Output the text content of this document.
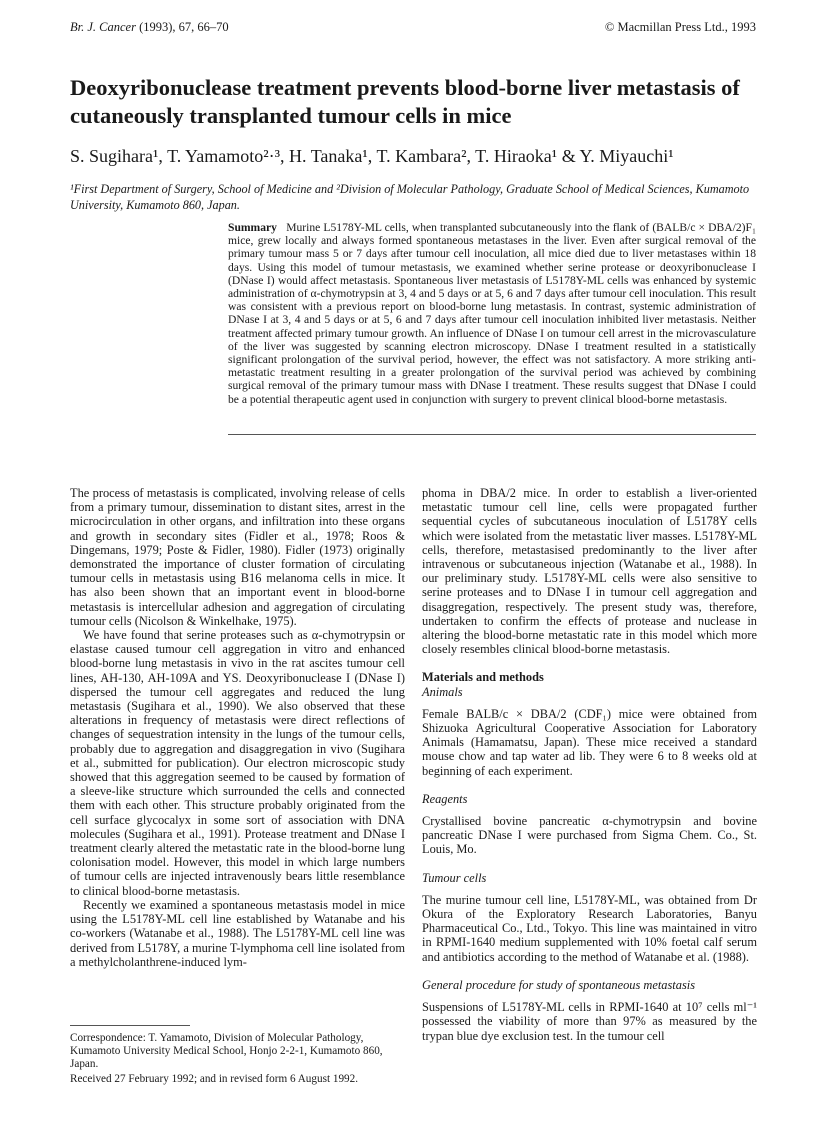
Br. J. Cancer (1993), 67, 66–70	© Macmillan Press Ltd., 1993
Deoxyribonuclease treatment prevents blood-borne liver metastasis of cutaneously transplanted tumour cells in mice
S. Sugihara¹, T. Yamamoto²·³, H. Tanaka¹, T. Kambara², T. Hiraoka¹ & Y. Miyauchi¹
¹First Department of Surgery, School of Medicine and ²Division of Molecular Pathology, Graduate School of Medical Sciences, Kumamoto University, Kumamoto 860, Japan.
Summary Murine L5178Y-ML cells, when transplanted subcutaneously into the flank of (BALB/c × DBA/2)F₁ mice, grew locally and always formed spontaneous metastases in the liver. Even after surgical removal of the primary tumour mass 5 or 7 days after tumour cell inoculation, all mice died due to liver metastases within 18 days. Using this model of tumour metastasis, we examined whether serine protease or deoxyribonuclease I (DNase I) would affect metastasis. Spontaneous liver metastasis of L5178Y-ML cells was enhanced by systemic administration of α-chymotrypsin at 3, 4 and 5 days or at 5, 6 and 7 days after tumour cell inoculation. This result was consistent with a previous report on blood-borne lung metastasis. In contrast, systemic administration of DNase I at 3, 4 and 5 days or at 5, 6 and 7 days after tumour cell inoculation inhibited liver metastasis. Neither treatment affected primary tumour growth. An influence of DNase I on tumour cell arrest in the microvasculature of the liver was suggested by scanning electron microscopy. DNase I treatment resulted in a statistically significant prolongation of the survival period, however, the effect was not satisfactory. A more striking anti-metastatic treatment resulting in a greater prolongation of the survival period was achieved by combining surgical removal of the primary tumour mass with DNase I treatment. These results suggest that DNase I could be a potential therapeutic agent used in conjunction with surgery to prevent clinical blood-borne metastasis.

The process of metastasis is complicated, involving release of cells from a primary tumour, dissemination to distant sites, arrest in the microcirculation in other organs, and infiltration into these organs and growth in secondary sites (Fidler et al., 1978; Roos & Dingemans, 1979; Poste & Fidler, 1980). Fidler (1973) originally demonstrated the importance of cluster formation of circulating tumour cells in metastasis using B16 melanoma cells in mice. It has also been shown that an important event in blood-borne metastasis is intercellular adhesion and aggregation of circulating tumour cells (Nicolson & Winkelhake, 1975).

We have found that serine proteases such as α-chymotrypsin or elastase caused tumour cell aggregation in vitro and enhanced blood-borne lung metastasis in vivo in the rat ascites tumour cell lines, AH-130, AH-109A and YS. Deoxyribonuclease I (DNase I) dispersed the tumour cell aggregates and reduced the lung metastasis (Sugihara et al., 1990). We also observed that these alterations in frequency of metastasis were direct reflections of changes of sequestration intensity in the lungs of the tumour cells, probably due to aggregation and disaggregation in vivo (Sugihara et al., submitted for publication). Our electron microscopic study showed that this aggregation seemed to be caused by formation of a sleeve-like structure which surrounded the cells and connected them with each other. This structure probably originated from the cell surface glycocalyx in some sort of association with DNA molecules (Sugihara et al., 1991). Protease treatment and DNase I treatment clearly altered the metastatic rate in the blood-borne lung colonisation model. However, this model in which large numbers of tumour cells are injected intravenously bears little resemblance to clinical blood-borne metastasis.

Recently we examined a spontaneous metastasis model in mice using the L5178Y-ML cell line established by Watanabe and his co-workers (Watanabe et al., 1988). The L5178Y-ML cell line was derived from L5178Y, a murine T-lymphoma cell line isolated from a methylcholanthrene-induced lym-

phoma in DBA/2 mice. In order to establish a liver-oriented metastatic tumour cell line, cells were propagated further sequential cycles of subcutaneous inoculation of L5178Y cells which were isolated from the metastatic liver masses. L5178Y-ML cells, therefore, metastasised predominantly to the liver after intravenous or subcutaneous injection (Watanabe et al., 1988). In our preliminary study. L5178Y-ML cells were also sensitive to serine proteases and to DNase I in tumour cell aggregation and disaggregation, respectively. The present study was, therefore, undertaken to confirm the effects of protease and nuclease in altering the blood-borne metastatic rate in this model which more closely resembles clinical blood-borne metastasis.

Materials and methods

Animals

Female BALB/c × DBA/2 (CDF₁) mice were obtained from Shizuoka Agricultural Cooperative Association for Laboratory Animals (Hamamatsu, Japan). These mice received a standard mouse chow and tap water ad lib. They were 6 to 8 weeks old at beginning of each experiment.

Reagents

Crystallised bovine pancreatic α-chymotrypsin and bovine pancreatic DNase I were purchased from Sigma Chem. Co., St. Louis, Mo.

Tumour cells

The murine tumour cell line, L5178Y-ML, was obtained from Dr Okura of the Exploratory Research Laboratories, Banyu Pharmaceutical Co., Ltd., Tokyo. This line was maintained in vitro in RPMI-1640 medium supplemented with 10% foetal calf serum and antibiotics according to the method of Watanabe et al. (1988).

General procedure for study of spontaneous metastasis

Suspensions of L5178Y-ML cells in RPMI-1640 at 10⁷ cells ml⁻¹ possessed the viability of more than 97% as measured by the trypan blue dye exclusion test. In the tumour cell

Correspondence: T. Yamamoto, Division of Molecular Pathology, Kumamoto University Medical School, Honjo 2-2-1, Kumamoto 860, Japan.

Received 27 February 1992; and in revised form 6 August 1992.
